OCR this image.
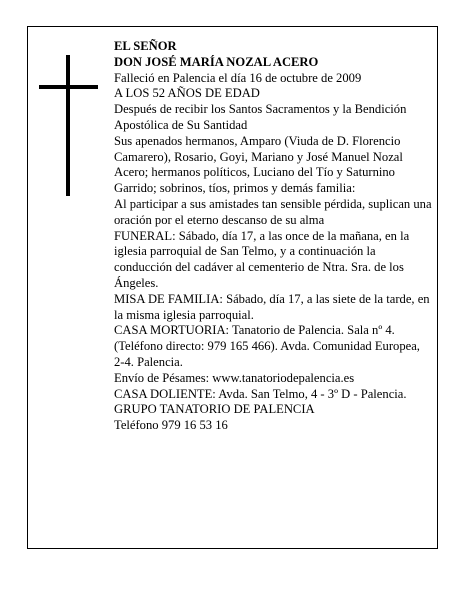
EL SEÑOR

DON JOSÉ MARÍA NOZAL ACERO

Falleció en Palencia el día 16 de octubre de 2009

A LOS 52 AÑOS DE EDAD

Después de recibir los Santos Sacramentos y la Bendición Apostólica de Su Santidad

Sus apenados hermanos, Amparo (Viuda de D. Florencio Camarero), Rosario, Goyi, Mariano y José Manuel Nozal Acero; hermanos políticos, Luciano del Tío y Saturnino Garrido; sobrinos, tíos, primos y demás familia:

Al participar a sus amistades tan sensible pérdida, suplican una oración por el eterno descanso de su alma

FUNERAL: Sábado, día 17, a las once de la mañana, en la iglesia parroquial de San Telmo, y a continuación la conducción del cadáver al cementerio de Ntra. Sra. de los Ángeles.

MISA DE FAMILIA: Sábado, día 17, a las siete de la tarde, en la misma iglesia parroquial.

CASA MORTUORIA: Tanatorio de Palencia. Sala nº 4. (Teléfono directo: 979 165 466). Avda. Comunidad Europea, 2-4. Palencia.

Envío de Pésames: www.tanatoriodepalencia.es

CASA DOLIENTE: Avda. San Telmo, 4 - 3º D - Palencia.

GRUPO TANATORIO DE PALENCIA

Teléfono 979 16 53 16
